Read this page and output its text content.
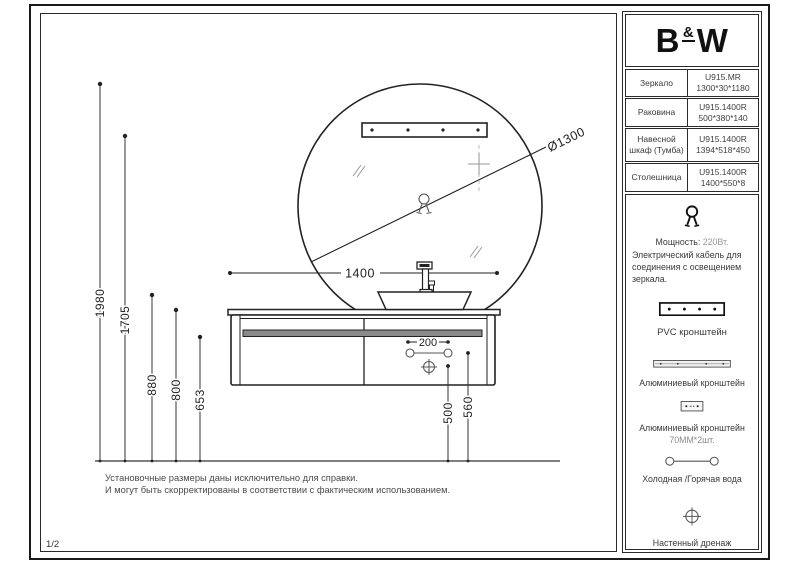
Ø1300
1400
200
1980
1705
880 800 653
500 560
Установочные размеры даны исключительно для справки.
И могут быть скорректированы в соответствии с фактическим использованием.
1/2
B & W
Зеркало
U915.MR
1300*30*1180
Раковина
U915.1400R
500*380*140
Навесной шкаф (Тумба)
U915.1400R
1394*518*450
Столешница
U915.1400R
1400*550*8
Мощность: 220Вт.
Электрический кабель для соединения с освещением зеркала.
PVC кронштейн
Алюминиевый кронштейн
Алюминиевый кронштейн
70ММ*2шт.
Холодная /Горячая вода
Настенный дренаж
